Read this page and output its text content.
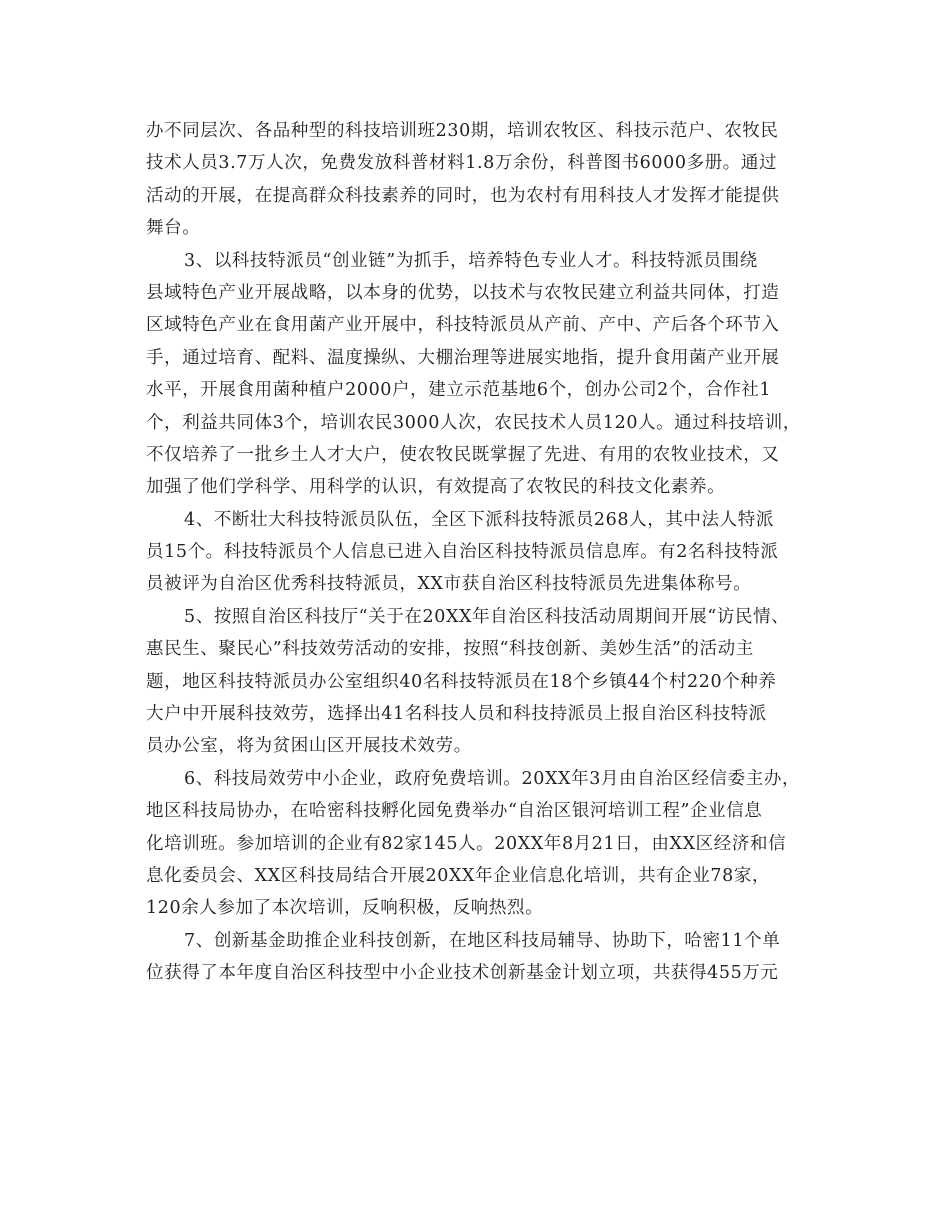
办不同层次、各品种型的科技培训班230期，培训农牧区、科技示范户、农牧民
技术人员3.7万人次，免费发放科普材料1.8万余份，科普图书6000多册。通过
活动的开展，在提高群众科技素养的同时，也为农村有用科技人才发挥才能提供
舞台。
3、以科技特派员“创业链”为抓手，培养特色专业人才。科技特派员围绕
县域特色产业开展战略，以本身的优势，以技术与农牧民建立利益共同体，打造
区域特色产业在食用菌产业开展中，科技特派员从产前、产中、产后各个环节入
手，通过培育、配料、温度操纵、大棚治理等进展实地指，提升食用菌产业开展
水平，开展食用菌种植户2000户，建立示范基地6个，创办公司2个，合作社1
个，利益共同体3个，培训农民3000人次，农民技术人员120人。通过科技培训，
不仅培养了一批乡土人才大户，使农牧民既掌握了先进、有用的农牧业技术，又
加强了他们学科学、用科学的认识，有效提高了农牧民的科技文化素养。
4、不断壮大科技特派员队伍，全区下派科技特派员268人，其中法人特派
员15个。科技特派员个人信息已进入自治区科技特派员信息库。有2名科技特派
员被评为自治区优秀科技特派员，XX市获自治区科技特派员先进集体称号。
5、按照自治区科技厅“关于在20XX年自治区科技活动周期间开展“访民情、
惠民生、聚民心”科技效劳活动的安排，按照“科技创新、美妙生活”的活动主
题，地区科技特派员办公室组织40名科技特派员在18个乡镇44个村220个种养
大户中开展科技效劳，选择出41名科技人员和科技持派员上报自治区科技特派
员办公室，将为贫困山区开展技术效劳。
6、科技局效劳中小企业，政府免费培训。20XX年3月由自治区经信委主办，
地区科技局协办，在哈密科技孵化园免费举办“自治区银河培训工程”企业信息
化培训班。参加培训的企业有82家145人。20XX年8月21日，由XX区经济和信
息化委员会、XX区科技局结合开展20XX年企业信息化培训，共有企业78家，
120余人参加了本次培训，反响积极，反响热烈。
7、创新基金助推企业科技创新，在地区科技局辅导、协助下，哈密11个单
位获得了本年度自治区科技型中小企业技术创新基金计划立项，共获得455万元
